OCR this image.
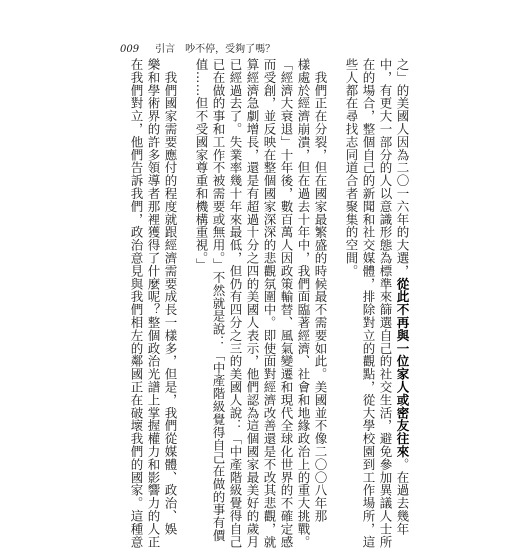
009 引言 吵不停，受夠了嗎？
之」的美國人因為二〇一六年的大選，從此不再與一位家人或密友往來。在過去幾年
中，有更大一部分的人以意識形態為標準來篩選自己的社交生活，避免參加異議人士所
在的場合，整個自己的新聞和社交媒體，排除對立的觀點，從大學校園到工作場所，這
些人都在尋找志同道合者聚集的空間。
　我們正在分裂，但在國家最繁盛的時候最不需要如此。美國並不像二〇〇八年那
樣處於經濟崩潰，但在過去十年中，我們面臨著經濟、社會和地緣政治上的重大挑戰。
「經濟大衰退」十年後，數百萬人因政策輸替、風氣變遷和現代全球化世界的不確定感
而受創，並反映在整個國家深深的悲觀氛圍中。即使面對經濟改善還是不改其悲觀，就
算經濟急劇增長，還是有超過十分之四的美國人表示，他們認為這個國家最美好的歲月
已經過去了。失業率幾十年來最低，但仍有四分之三的美國人說：「中產階級覺得自己
已在做的事和工作不被需要或無用。」不然就是說：「中產階級覺得自己在做的事有價
值……但不受國家尊重和機構重視。」
　我們國家需要應付的程度就跟經濟需要成長一樣多，但是，我們從媒體、政治、娛
樂和學術界的許多領導者那裡獲得了什麼呢？整個政治光譜上掌握權力和影響力的人正
在我們對立，他們告訴我們，政治意見與我們相左的鄰國正在破壞我們的國家。這種意
